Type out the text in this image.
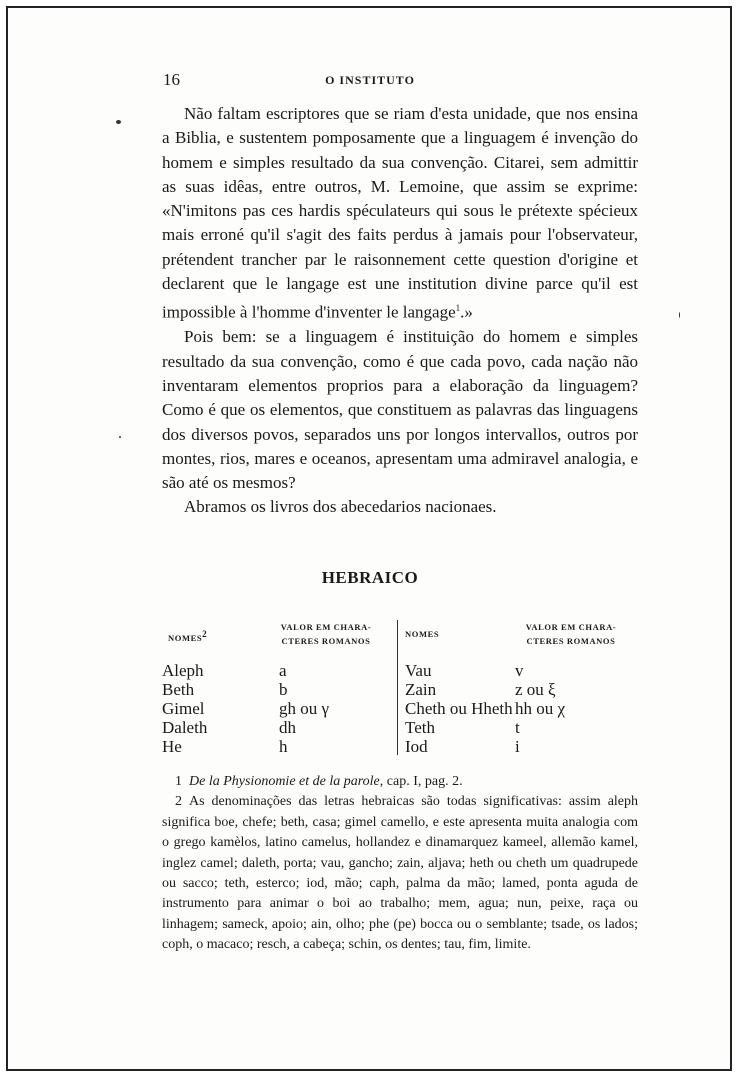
16	O INSTITUTO

Não faltam escriptores que se riam d'esta unidade, que nos ensina a Biblia, e sustentem pomposamente que a linguagem é invenção do homem e simples resultado da sua convenção. Citarei, sem admittir as suas idêas, entre outros, M. Lemoine, que assim se exprime: «N'imitons pas ces hardis spéculateurs qui sous le prétexte spécieux mais erroné qu'il s'agit des faits perdus à jamais pour l'observateur, prétendent trancher par le raisonnement cette question d'origine et declarent que le langage est une institution divine parce qu'il est impossible à l'homme d'inventer le langage$^1$.»

Pois bem: se a linguagem é instituição do homem e simples resultado da sua convenção, como é que cada povo, cada nação não inventaram elementos proprios para a elaboração da linguagem? Como é que os elementos, que constituem as palavras das linguagens dos diversos povos, separados uns por longos intervallos, outros por montes, rios, mares e oceanos, apresentam uma admiravel analogia, e são até os mesmos?

Abramos os livros dos abecedarios nacionaes.

HEBRAICO
NOMES$^2$
VALOR EM CHARA-
CTERES ROMANOS
NOMES
VALOR EM CHARA-
CTERES ROMANOS
Aleph
Beth
Gimel
Daleth
He
a
b
gh ou γ
dh
h
Vau
Zain
Cheth ou Hheth
Teth
Iod
v
z ou ξ
hh ou χ
t
i

1 De la Physionomie et de la parole, cap. I, pag. 2.

2 As denominações das letras hebraicas são todas significativas: assim aleph significa boe, chefe; beth, casa; gimel camello, e este apresenta muita analogia com o grego kamèlos, latino camelus, hollandez e dinamarquez kameel, allemão kamel, inglez camel; daleth, porta; vau, gancho; zain, aljava; heth ou cheth um quadrupede ou sacco; teth, esterco; iod, mão; caph, palma da mão; lamed, ponta aguda de instrumento para animar o boi ao trabalho; mem, agua; nun, peixe, raça ou linhagem; sameck, apoio; ain, olho; phe (pe) bocca ou o semblante; tsade, os lados; coph, o macaco; resch, a cabeça; schin, os dentes; tau, fim, limite.
